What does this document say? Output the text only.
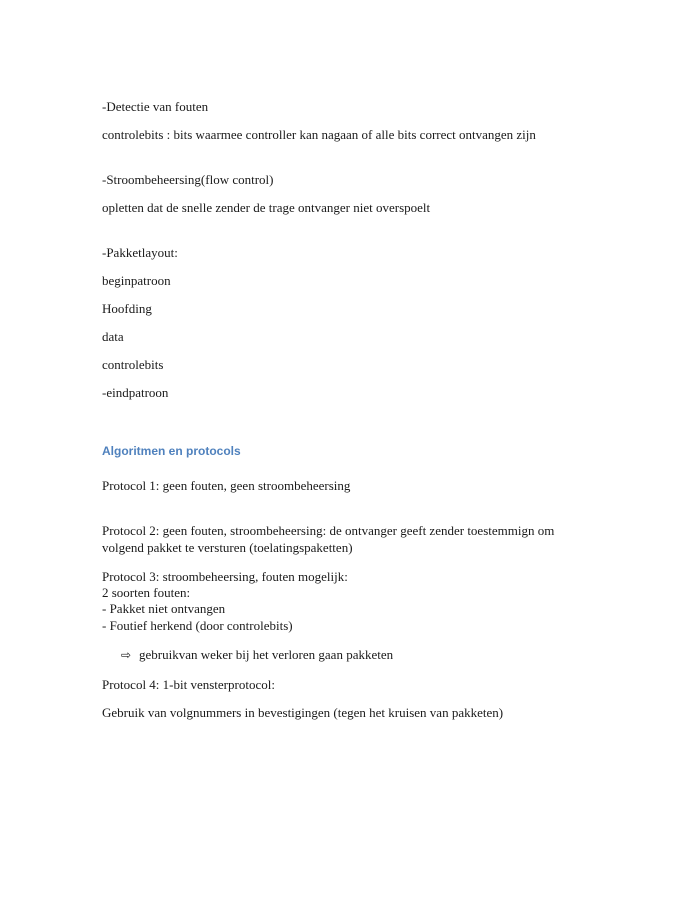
-Detectie van fouten

controlebits : bits waarmee controller kan nagaan of alle bits correct ontvangen zijn

-Stroombeheersing(flow control)

opletten dat de snelle zender de trage ontvanger niet overspoelt

-Pakketlayout:

beginpatroon

Hoofding

data

controlebits

-eindpatroon

Algoritmen en protocols

Protocol 1: geen fouten, geen stroombeheersing

Protocol 2: geen fouten, stroombeheersing: de ontvanger geeft zender toestemmign om

volgend pakket te versturen (toelatingspaketten)

Protocol 3: stroombeheersing, fouten mogelijk:

2 soorten fouten:

- Pakket niet ontvangen

- Foutief herkend (door controlebits)

⇨ gebruikvan weker bij het verloren gaan pakketen

Protocol 4: 1-bit vensterprotocol:

Gebruik van volgnummers in bevestigingen (tegen het kruisen van pakketen)
